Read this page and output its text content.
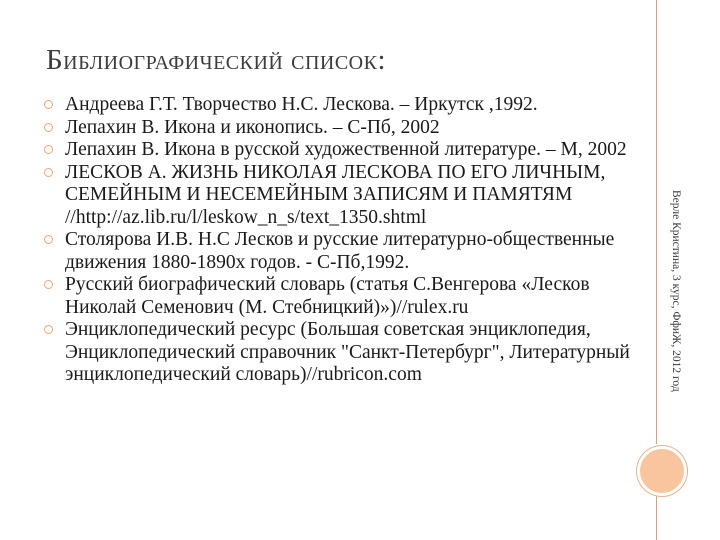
Библиографический список:
Андреева Г.Т. Творчество Н.С. Лескова. – Иркутск ,1992.
Лепахин В. Икона и иконопись. – С-Пб, 2002
Лепахин В. Икона в русской художественной литературе. – М, 2002
ЛЕСКОВ А. ЖИЗНЬ НИКОЛАЯ ЛЕСКОВА ПО ЕГО ЛИЧНЫМ, СЕМЕЙНЫМ И НЕСЕМЕЙНЫМ ЗАПИСЯМ И ПАМЯТЯМ //http://az.lib.ru/l/leskow_n_s/text_1350.shtml
Столярова И.В. Н.С Лесков и русские литературно-общественные движения 1880-1890х годов. - С-Пб,1992.
Русский биографический словарь (статья С.Венгерова «Лесков Николай Семенович (М. Стебницкий)»)//rulex.ru
Энциклопедический ресурс (Большая советская энциклопедия, Энциклопедический справочник "Санкт-Петербург", Литературный энциклопедический словарь)//rubricon.com	Верле Кристина, 3 курс, ФфиЖ, 2012 год
